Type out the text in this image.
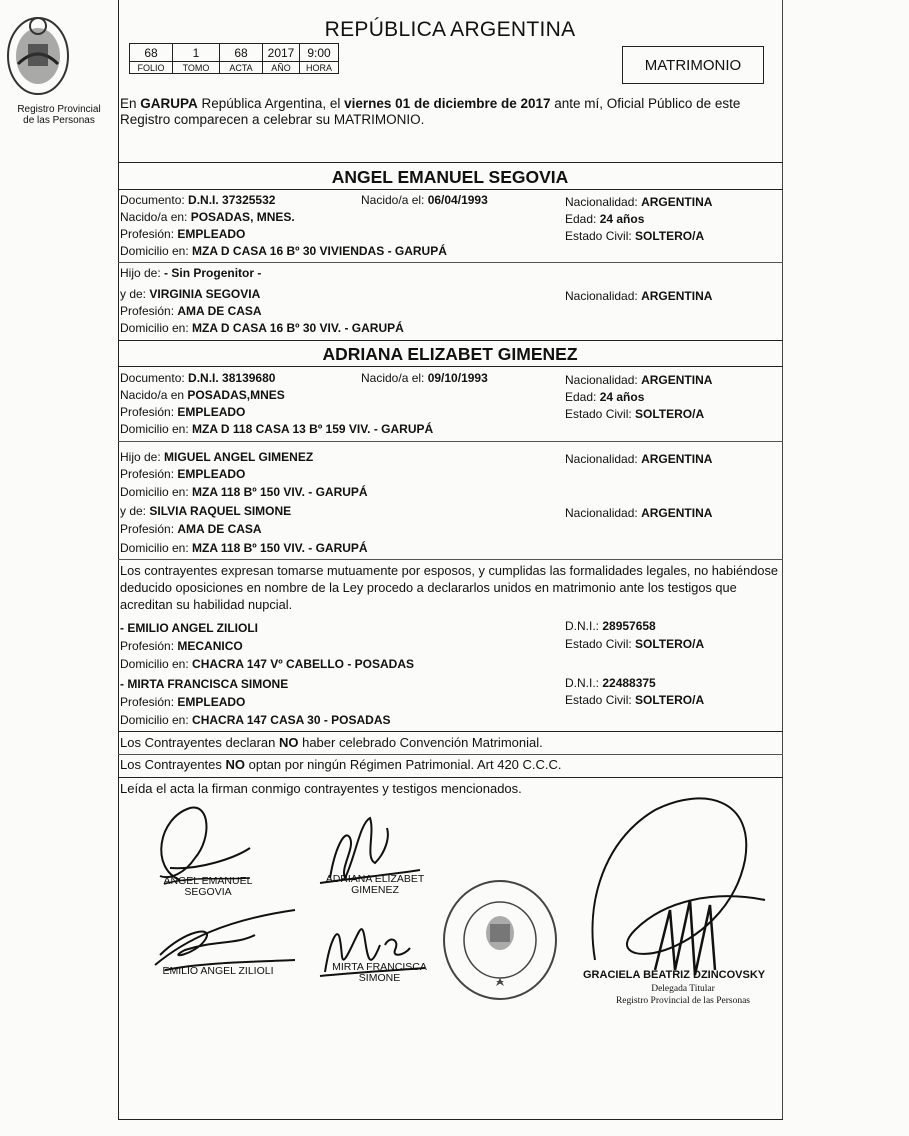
Registro Provincial
de las Personas
REPÚBLICA ARGENTINA
68	1	68	2017	9:00
FOLIO	TOMO	ACTA	AÑO	HORA	MATRIMONIO
En GARUPA República Argentina, el viernes 01 de diciembre de 2017 ante mí, Oficial Público de este Registro comparecen a celebrar su MATRIMONIO.
ANGEL EMANUEL SEGOVIA
Documento: D.N.I. 37325532	Nacido/a el: 06/04/1993	Nacionalidad: ARGENTINA
Nacido/a en: POSADAS, MNES.	Edad: 24 años
Profesión: EMPLEADO	Estado Civil: SOLTERO/A
Domicilio en: MZA D CASA 16 Bº 30 VIVIENDAS - GARUPÁ
Hijo de: - Sin Progenitor -
y de: VIRGINIA SEGOVIA	Nacionalidad: ARGENTINA
Profesión: AMA DE CASA
Domicilio en: MZA D CASA 16 Bº 30 VIV. - GARUPÁ
ADRIANA ELIZABET GIMENEZ
Documento: D.N.I. 38139680	Nacido/a el: 09/10/1993	Nacionalidad: ARGENTINA
Nacido/a en POSADAS,MNES	Edad: 24 años
Profesión: EMPLEADO	Estado Civil: SOLTERO/A
Domicilio en: MZA D 118 CASA 13 Bº 159 VIV. - GARUPÁ
Hijo de: MIGUEL ANGEL GIMENEZ	Nacionalidad: ARGENTINA
Profesión: EMPLEADO
Domicilio en: MZA 118 Bº 150 VIV. - GARUPÁ
y de: SILVIA RAQUEL SIMONE	Nacionalidad: ARGENTINA
Profesión: AMA DE CASA
Domicilio en: MZA 118 Bº 150 VIV. - GARUPÁ
Los contrayentes expresan tomarse mutuamente por esposos, y cumplidas las formalidades legales, no habiéndose deducido oposiciones en nombre de la Ley procedo a declararlos unidos en matrimonio ante los testigos que acreditan su habilidad nupcial.
- EMILIO ANGEL ZILIOLI	D.N.I.: 28957658
Profesión: MECANICO	Estado Civil: SOLTERO/A
Domicilio en: CHACRA 147 Vº CABELLO - POSADAS
- MIRTA FRANCISCA SIMONE	D.N.I.: 22488375
Profesión: EMPLEADO	Estado Civil: SOLTERO/A
Domicilio en: CHACRA 147 CASA 30 - POSADAS
Los Contrayentes declaran NO haber celebrado Convención Matrimonial.
Los Contrayentes NO optan por ningún Régimen Patrimonial. Art 420 C.C.C.
Leída el acta la firman conmigo contrayentes y testigos mencionados.
ANGEL EMANUEL
SEGOVIA
ADRIANA ELIZABET
GIMENEZ
EMILIO ANGEL ZILIOLI	MIRTA FRANCISCA
SIMONE	GRACIELA BEATRIZ DZINCOVSKY
Delegada Titular
Registro Provincial de las Personas
